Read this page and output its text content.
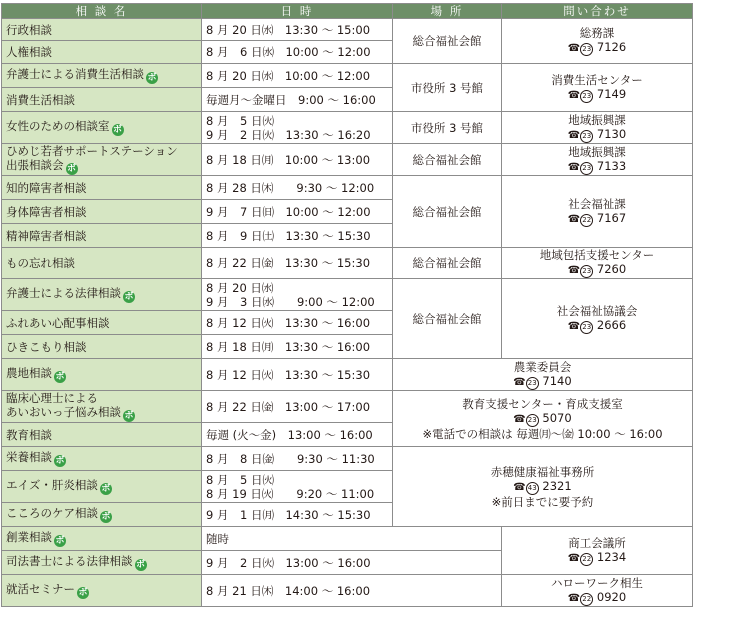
相 談 名	日 時	場 所	問い合わせ
行政相談	8 月 20 日㈬　13:30 ～ 15:00	総合福祉会館	総務課
☎ 23 7126

人権相談	8 月　6 日㈬　10:00 ～ 12:00		

弁護士による消費生活相談 ボ	8 月 20 日㈬　10:00 ～ 12:00	市役所 3 号館	消費生活センター
☎ 23 7149

消費生活相談	毎週月～金曜日　9:00 ～ 16:00		

女性のための相談室 ボ	8 月　5 日㈫
9 月　2 日㈫　13:30 ～ 16:20	市役所 3 号館	地域振興課
☎ 23 7130

ひめじ若者サポートステーション
出張相談会 ボ	8 月 18 日㈪　10:00 ～ 13:00	総合福祉会館	地域振興課
☎ 23 7133

知的障害者相談	8 月 28 日㈭　　9:30 ～ 12:00	総合福祉会館	社会福祉課
☎ 22 7167

身体障害者相談	9 月　7 日㈰　10:00 ～ 12:00		

精神障害者相談	8 月　9 日㈯　13:30 ～ 15:30		

もの忘れ相談	8 月 22 日㈮　13:30 ～ 15:30	総合福祉会館	地域包括支援センター
☎ 23 7260

弁護士による法律相談 ボ	8 月 20 日㈬
9 月　3 日㈬　　9:00 ～ 12:00	総合福祉会館	社会福祉協議会
☎ 23 2666

ふれあい心配事相談	8 月 12 日㈫　13:30 ～ 16:00		

ひきこもり相談	8 月 18 日㈪　13:30 ～ 16:00		

農地相談 ボ	8 月 12 日㈫　13:30 ～ 15:30	農業委員会
☎ 23 7140	

臨床心理士による
あいおいっ子悩み相談 ボ	8 月 22 日㈮　13:00 ～ 17:00	教育支援センター・育成支援室
☎ 23 5070
※電話での相談は 毎週㈪～㈮ 10:00 ～ 16:00	

教育相談	毎週 (火～金)　13:00 ～ 16:00		

栄養相談 ボ	8 月　8 日㈮　　9:30 ～ 11:30	赤穂健康福祉事務所
☎ 43 2321
※前日までに要予約	

エイズ・肝炎相談 ボ	8 月　5 日㈫
8 月 19 日㈫　　9:20 ～ 11:00		

こころのケア相談 ボ	9 月　1 日㈪　14:30 ～ 15:30		

創業相談 ボ	随時		商工会議所
☎ 22 1234

司法書士による法律相談 ボ	9 月　2 日㈫　13:00 ～ 16:00		

就活セミナー ボ	8 月 21 日㈭　14:00 ～ 16:00		ハローワーク相生
☎ 22 0920
